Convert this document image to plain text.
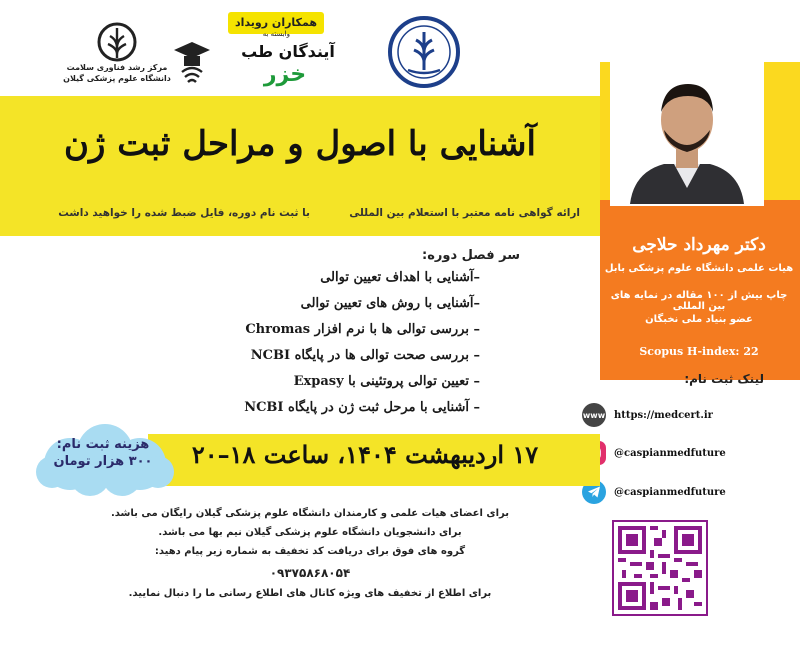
مرکز رشد فناوری سلامت
دانشگاه علوم پزشکی گیلان
همکاران رویداد
وابسته به
آیندگان طب
خزر
دکتر مهرداد حلاجی
هیات علمی دانشگاه علوم پزشکی بابل
چاپ بیش از ۱۰۰ مقاله در نمایه های بین المللی
عضو بنیاد ملی نخبگان
Scopus H-index: 22
لینک ثبت نام:
www https://medcert.ir
@caspianmedfuture
@caspianmedfuture
آشنایی با اصول و مراحل ثبت ژن
ارائه گواهی نامه معتبر با استعلام بین المللی
با ثبت نام دوره، فایل ضبط شده را خواهید داشت
سر فصل دوره:
–آشنایی با اهداف تعیین توالی
–آشنایی با روش های تعیین توالی
– بررسی توالی ها با نرم افزار Chromas
– بررسی صحت توالی ها در پایگاه NCBI
– تعیین توالی پروتئینی با Expasy
– آشنایی با مرحل ثبت ژن در پایگاه NCBI
۱۷ اردیبهشت ۱۴۰۴، ساعت ۱۸–۲۰
هزینه ثبت نام:
۳۰۰ هزار تومان
برای اعضای هیات علمی و کارمندان دانشگاه علوم پزشکی گیلان رایگان می باشد.
برای دانشجویان دانشگاه علوم پزشکی گیلان نیم بها می باشد.
گروه های فوق برای دریافت کد تخفیف به شماره زیر پیام دهید:
۰۹۳۷۵۸۶۸۰۵۴
برای اطلاع از تخفیف های ویژه کانال های اطلاع رسانی ما را دنبال نمایید.
